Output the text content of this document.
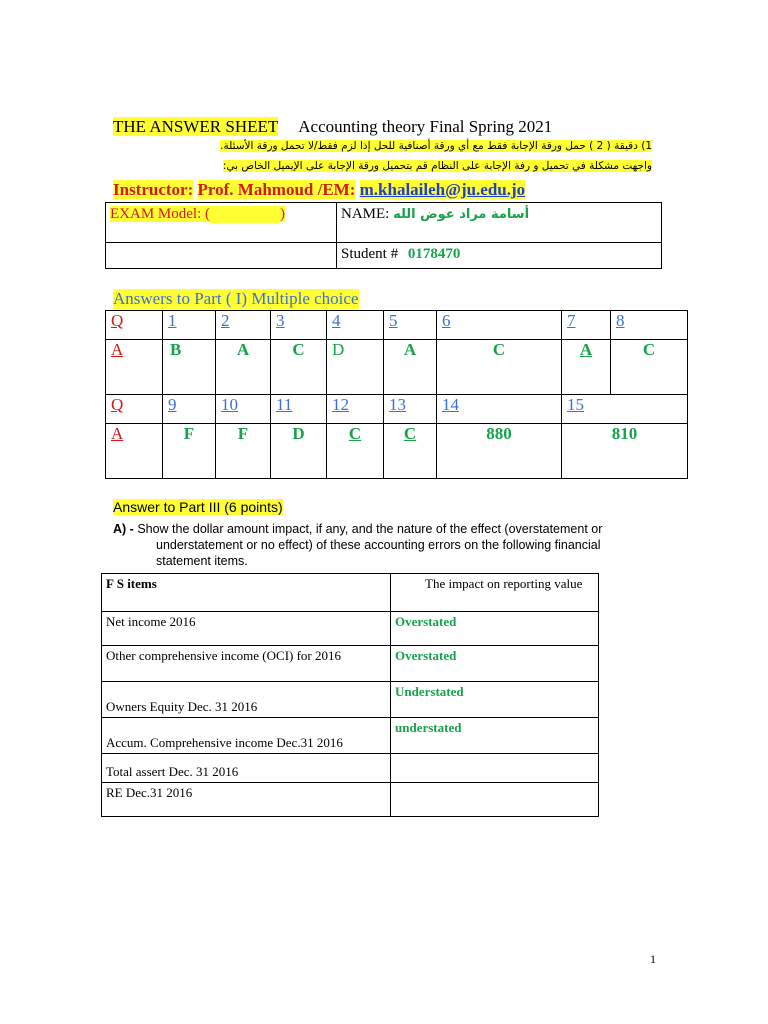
THE ANSWER SHEET Accounting theory Final Spring 2021
1) دقيقة ( 2 ) حمل ورقة الإجابة فقط مع أي ورقة أصنافية للحل إذا لزم فقط/لا تحمل ورقة الأسئلة.
واجهت مشكلة في تحميل و رفة الإجابة على النظام قم بتحميل ورقة الإجابة على الإيميل الخاص بي:
Instructor: Prof. Mahmoud /EM: m.khalaileh@ju.edu.jo
EXAM Model: ( )	NAME: أسامة مراد عوض الله
	Student # 0178470
Answers to Part ( I) Multiple choice
Q	1	2	3	4	5	6	7	8
A	B	A	C	D	A	C	A	C
Q	9	10	11	12	13	14	15	
A	F	F	D	C	C	880	810	
Answer to Part III (6 points)
A) - Show the dollar amount impact, if any, and the nature of the effect (overstatement or
understatement or no effect) of these accounting errors on the following financial
statement items.
F S items	The impact on reporting value
Net income 2016	Overstated
Other comprehensive income (OCI) for 2016	Overstated
Owners Equity Dec. 31 2016	Understated
Accum. Comprehensive income Dec.31 2016	understated
Total assert Dec. 31 2016	
RE Dec.31 2016	
1
